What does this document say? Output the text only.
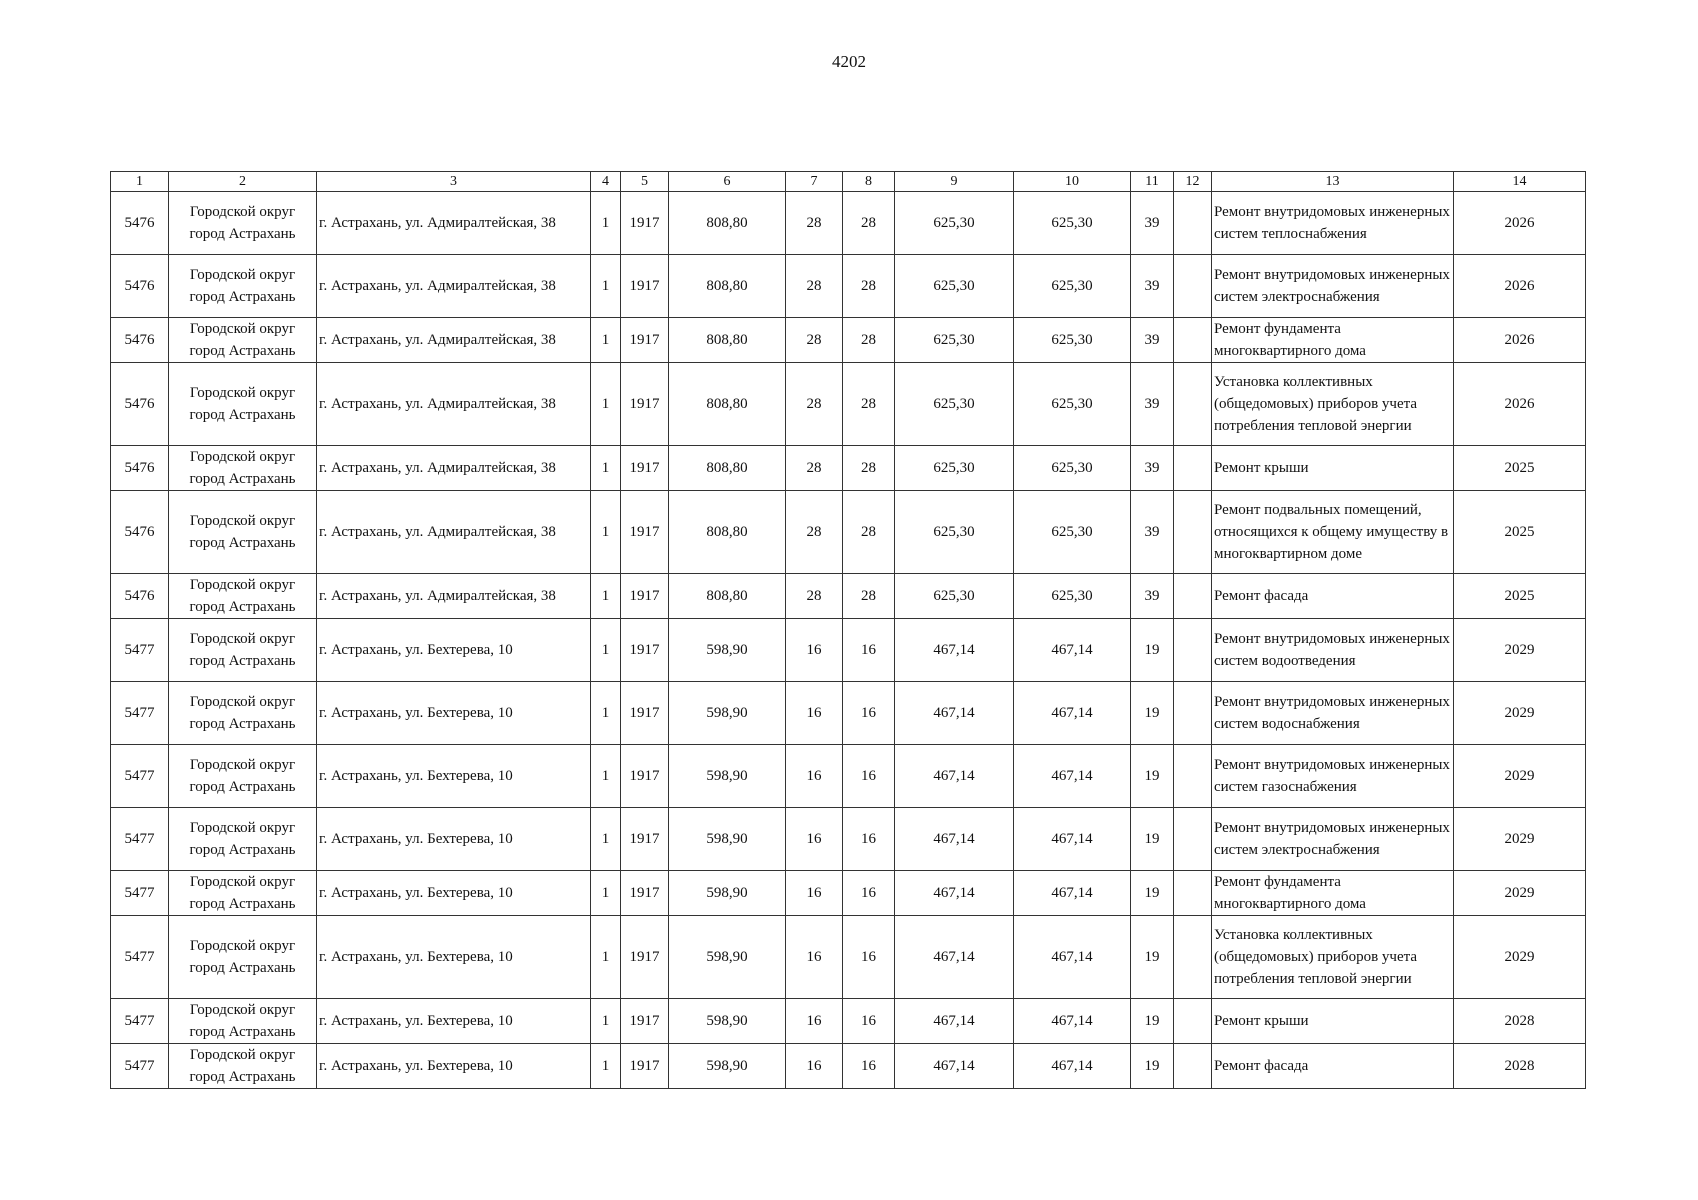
4202
1	2	3	4	5	6	7	8	9	10	11	12	13	14
5476	Городской округ город Астрахань	г. Астрахань, ул. Адмиралтейская, 38	1	1917	808,80	28	28	625,30	625,30	39		Ремонт внутридомовых инженерных систем теплоснабжения	2026
5476	Городской округ город Астрахань	г. Астрахань, ул. Адмиралтейская, 38	1	1917	808,80	28	28	625,30	625,30	39		Ремонт внутридомовых инженерных систем электроснабжения	2026
5476	Городской округ город Астрахань	г. Астрахань, ул. Адмиралтейская, 38	1	1917	808,80	28	28	625,30	625,30	39		Ремонт фундамента многоквартирного дома	2026
5476	Городской округ город Астрахань	г. Астрахань, ул. Адмиралтейская, 38	1	1917	808,80	28	28	625,30	625,30	39		Установка коллективных (общедомовых) приборов учета потребления тепловой энергии	2026
5476	Городской округ город Астрахань	г. Астрахань, ул. Адмиралтейская, 38	1	1917	808,80	28	28	625,30	625,30	39		Ремонт крыши	2025
5476	Городской округ город Астрахань	г. Астрахань, ул. Адмиралтейская, 38	1	1917	808,80	28	28	625,30	625,30	39		Ремонт подвальных помещений, относящихся к общему имуществу в многоквартирном доме	2025
5476	Городской округ город Астрахань	г. Астрахань, ул. Адмиралтейская, 38	1	1917	808,80	28	28	625,30	625,30	39		Ремонт фасада	2025
5477	Городской округ город Астрахань	г. Астрахань, ул. Бехтерева, 10	1	1917	598,90	16	16	467,14	467,14	19		Ремонт внутридомовых инженерных систем водоотведения	2029
5477	Городской округ город Астрахань	г. Астрахань, ул. Бехтерева, 10	1	1917	598,90	16	16	467,14	467,14	19		Ремонт внутридомовых инженерных систем водоснабжения	2029
5477	Городской округ город Астрахань	г. Астрахань, ул. Бехтерева, 10	1	1917	598,90	16	16	467,14	467,14	19		Ремонт внутридомовых инженерных систем газоснабжения	2029
5477	Городской округ город Астрахань	г. Астрахань, ул. Бехтерева, 10	1	1917	598,90	16	16	467,14	467,14	19		Ремонт внутридомовых инженерных систем электроснабжения	2029
5477	Городской округ город Астрахань	г. Астрахань, ул. Бехтерева, 10	1	1917	598,90	16	16	467,14	467,14	19		Ремонт фундамента многоквартирного дома	2029
5477	Городской округ город Астрахань	г. Астрахань, ул. Бехтерева, 10	1	1917	598,90	16	16	467,14	467,14	19		Установка коллективных (общедомовых) приборов учета потребления тепловой энергии	2029
5477	Городской округ город Астрахань	г. Астрахань, ул. Бехтерева, 10	1	1917	598,90	16	16	467,14	467,14	19		Ремонт крыши	2028
5477	Городской округ город Астрахань	г. Астрахань, ул. Бехтерева, 10	1	1917	598,90	16	16	467,14	467,14	19		Ремонт фасада	2028
